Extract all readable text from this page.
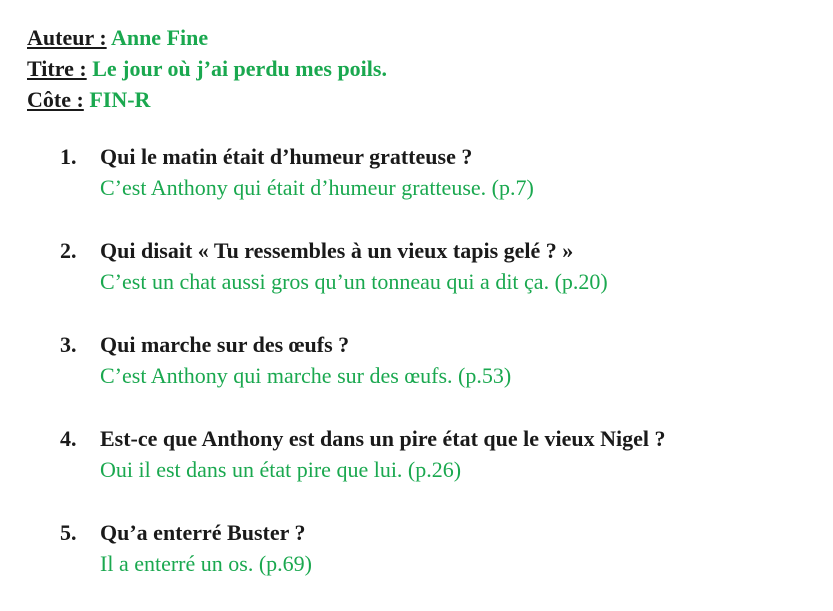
Auteur : Anne Fine
Titre : Le jour où j’ai perdu mes poils.
Côte : FIN-R
1. Qui le matin était d’humeur gratteuse ?
C’est Anthony qui était d’humeur gratteuse. (p.7)
2. Qui disait « Tu ressembles à un vieux tapis gelé ? »
C’est un chat aussi gros qu’un tonneau qui a dit ça. (p.20)
3. Qui marche sur des œufs ?
C’est Anthony qui marche sur des œufs. (p.53)
4. Est-ce que Anthony est dans un pire état que le vieux Nigel ?
Oui il est dans un état pire que lui. (p.26)
5. Qu’a enterré Buster ?
Il a enterré un os. (p.69)
